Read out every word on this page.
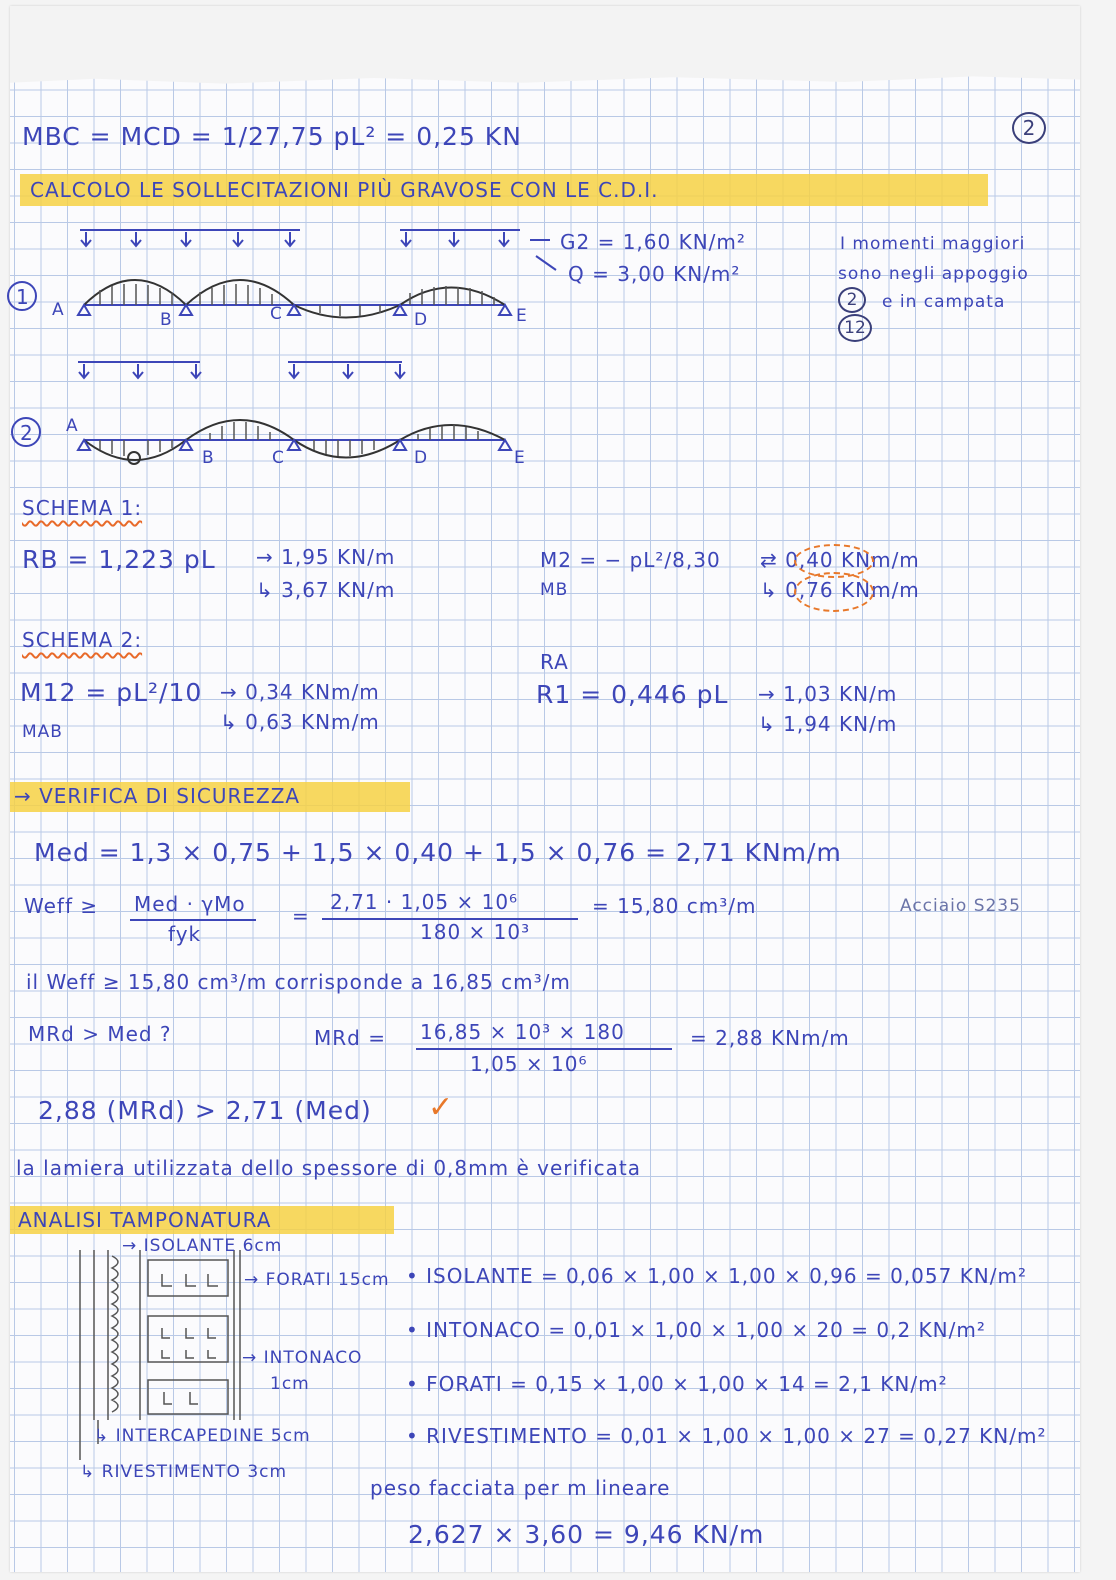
MBC = MCD = 1/27,75 pL² = 0,25 KN	2
CALCOLO LE SOLLECITAZIONI PIÙ GRAVOSE CON LE C.D.I.
G2 = 1,60 KN/m²
Q = 3,00 KN/m²
I momenti maggiori
sono negli appoggio
e in campata
2
12
1
2
A	B	C	D	E
A
B	C	D	E
SCHEMA 1:
RB = 1,223 pL → 1,95 KN/m
↳ 3,67 KN/m
M2 = − pL²/8,30
MB
⇄ 0,40 KNm/m
↳ 0,76 KNm/m
SCHEMA 2:
M12 = pL²/10
MAB
→ 0,34 KNm/m
↳ 0,63 KNm/m
RA
R1 = 0,446 pL → 1,03 KN/m
↳ 1,94 KN/m
→ VERIFICA DI SICUREZZA
Med = 1,3 × 0,75 + 1,5 × 0,40 + 1,5 × 0,76 = 2,71 KNm/m
Weff ≥ Med · γMo
fyk
=
2,71 · 1,05 × 10⁶
180 × 10³
= 15,80 cm³/m	Acciaio S235
il Weff ≥ 15,80 cm³/m corrisponde a 16,85 cm³/m
MRd > Med ?	MRd = 16,85 × 10³ × 180
1,05 × 10⁶
= 2,88 KNm/m
2,88 (MRd) > 2,71 (Med) ✓
la lamiera utilizzata dello spessore di 0,8mm è verificata
ANALISI TAMPONATURA
→ ISOLANTE 6cm
→ FORATI 15cm
→ INTONACO
1cm
↳ INTERCAPEDINE 5cm
↳ RIVESTIMENTO 3cm
• ISOLANTE = 0,06 × 1,00 × 1,00 × 0,96 = 0,057 KN/m²
• INTONACO = 0,01 × 1,00 × 1,00 × 20 = 0,2 KN/m²
• FORATI = 0,15 × 1,00 × 1,00 × 14 = 2,1 KN/m²
• RIVESTIMENTO = 0,01 × 1,00 × 1,00 × 27 = 0,27 KN/m²
peso facciata per m lineare
2,627 × 3,60 = 9,46 KN/m
